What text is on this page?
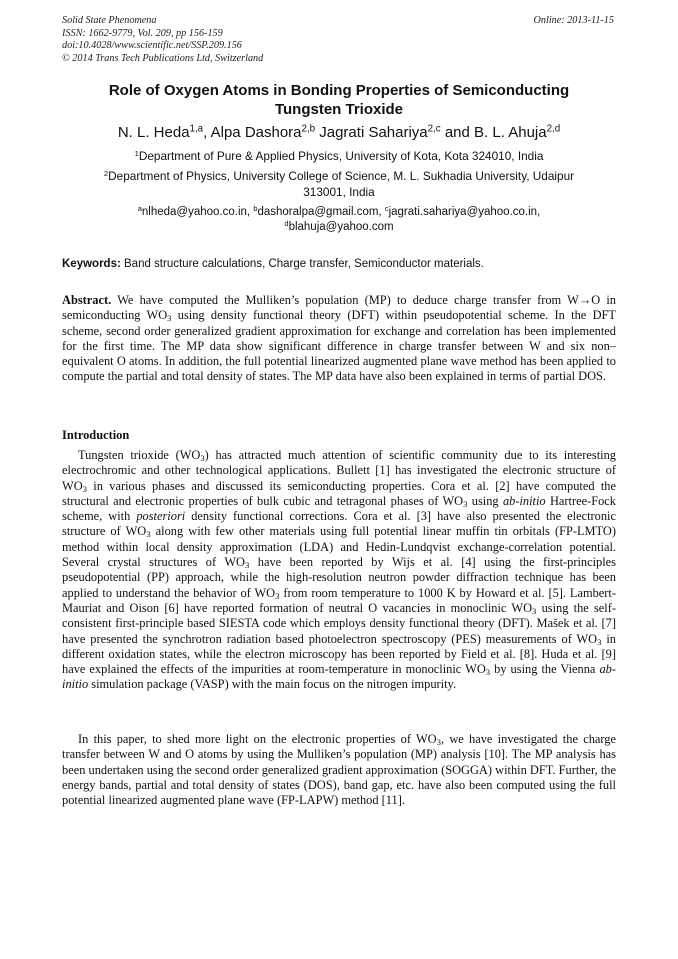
Solid State Phenomena
ISSN: 1662-9779, Vol. 209, pp 156-159
doi:10.4028/www.scientific.net/SSP.209.156
© 2014 Trans Tech Publications Ltd, Switzerland
Online: 2013-11-15
Role of Oxygen Atoms in Bonding Properties of Semiconducting
Tungsten Trioxide
N. L. Heda$^{1,a}$, Alpa Dashora$^{2,b}$ Jagrati Sahariya$^{2,c}$ and B. L. Ahuja$^{2,d}$
$^1$Department of Pure & Applied Physics, University of Kota, Kota 324010, India
$^2$Department of Physics, University College of Science, M. L. Sukhadia University, Udaipur
313001, India
$^a$nlheda@yahoo.co.in, $^b$dashoralpa@gmail.com, $^c$jagrati.sahariya@yahoo.co.in,
$^d$blahuja@yahoo.com
Keywords: Band structure calculations, Charge transfer, Semiconductor materials.
Abstract. We have computed the Mulliken’s population (MP) to deduce charge transfer from W→O in semiconducting $WO_3$ using density functional theory (DFT) within pseudopotential scheme. In the DFT scheme, second order generalized gradient approximation for exchange and correlation has been implemented for the first time. The MP data show significant difference in charge transfer between W and six non–equivalent O atoms. In addition, the full potential linearized augmented plane wave method has been applied to compute the partial and total density of states. The MP data have also been explained in terms of partial DOS.
Introduction
Tungsten trioxide $(WO_3)$ has attracted much attention of scientific community due to its interesting electrochromic and other technological applications. Bullett [1] has investigated the electronic structure of $WO_3$ in various phases and discussed its semiconducting properties. Cora et al. [2] have computed the structural and electronic properties of bulk cubic and tetragonal phases of $WO_3$ using ab-initio Hartree-Fock scheme, with posteriori density functional corrections. Cora et al. [3] have also presented the electronic structure of $WO_3$ along with few other materials using full potential linear muffin tin orbitals (FP-LMTO) method within local density approximation (LDA) and Hedin-Lundqvist exchange-correlation potential. Several crystal structures of $WO_3$ have been reported by Wijs et al. [4] using the first-principles pseudopotential (PP) approach, while the high-resolution neutron powder diffraction technique has been applied to understand the behavior of $WO_3$ from room temperature to 1000 K by Howard et al. [5]. Lambert-Mauriat and Oison [6] have reported formation of neutral O vacancies in monoclinic $WO_3$ using the self-consistent first-principle based SIESTA code which employs density functional theory (DFT). Mašek et al. [7] have presented the synchrotron radiation based photoelectron spectroscopy (PES) measurements of $WO_3$ in different oxidation states, while the electron microscopy has been reported by Field et al. [8]. Huda et al. [9] have explained the effects of the impurities at room-temperature in monoclinic $WO_3$ by using the Vienna ab-initio simulation package (VASP) with the main focus on the nitrogen impurity.
In this paper, to shed more light on the electronic properties of $WO_3$, we have investigated the charge transfer between W and O atoms by using the Mulliken’s population (MP) analysis [10]. The MP analysis has been undertaken using the second order generalized gradient approximation (SOGGA) within DFT. Further, the energy bands, partial and total density of states (DOS), band gap, etc. have also been computed using the full potential linearized augmented plane wave (FP-LAPW) method [11].
